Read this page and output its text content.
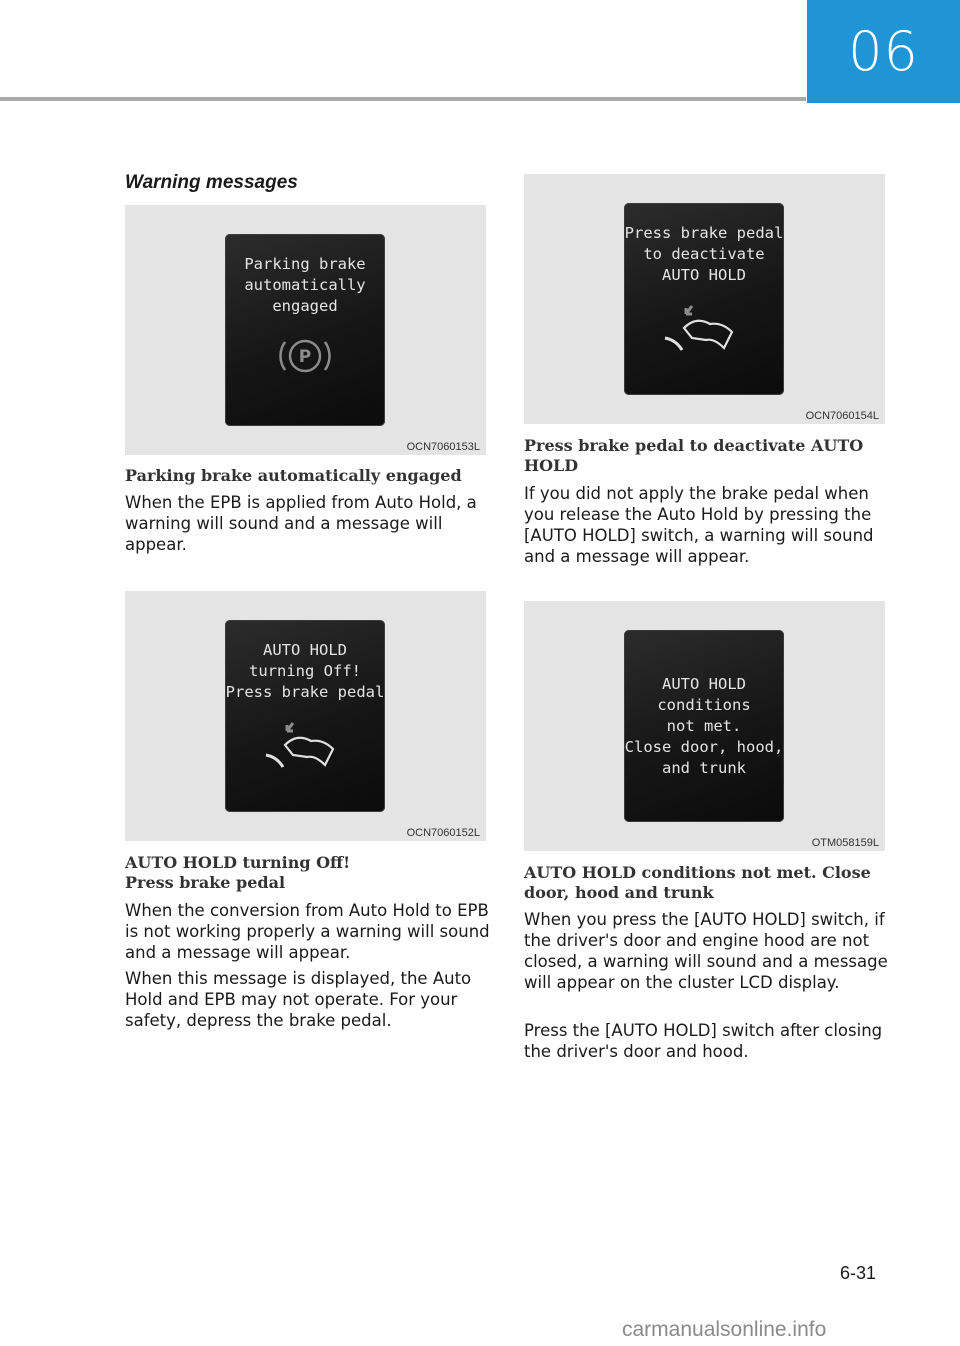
06
Warning messages
Parking brake
automatically
engaged
P
OCN7060153L
Parking brake automatically engaged
When the EPB is applied from Auto Hold, a warning will sound and a message will appear.
AUTO HOLD
turning Off!
Press brake pedal
OCN7060152L
AUTO HOLD turning Off!
Press brake pedal
When the conversion from Auto Hold to EPB is not working properly a warning will sound and a message will appear.
When this message is displayed, the Auto Hold and EPB may not operate. For your safety, depress the brake pedal.
Press brake pedal
to deactivate
AUTO HOLD
OCN7060154L
Press brake pedal to deactivate AUTO HOLD
If you did not apply the brake pedal when you release the Auto Hold by pressing the [AUTO HOLD] switch, a warning will sound and a message will appear.
AUTO HOLD
conditions
not met.
Close door, hood,
and trunk
OTM058159L
AUTO HOLD conditions not met. Close door, hood and trunk
When you press the [AUTO HOLD] switch, if the driver's door and engine hood are not closed, a warning will sound and a message will appear on the cluster LCD display.
Press the [AUTO HOLD] switch after closing the driver's door and hood.
6-31
carmanualsonline.info
